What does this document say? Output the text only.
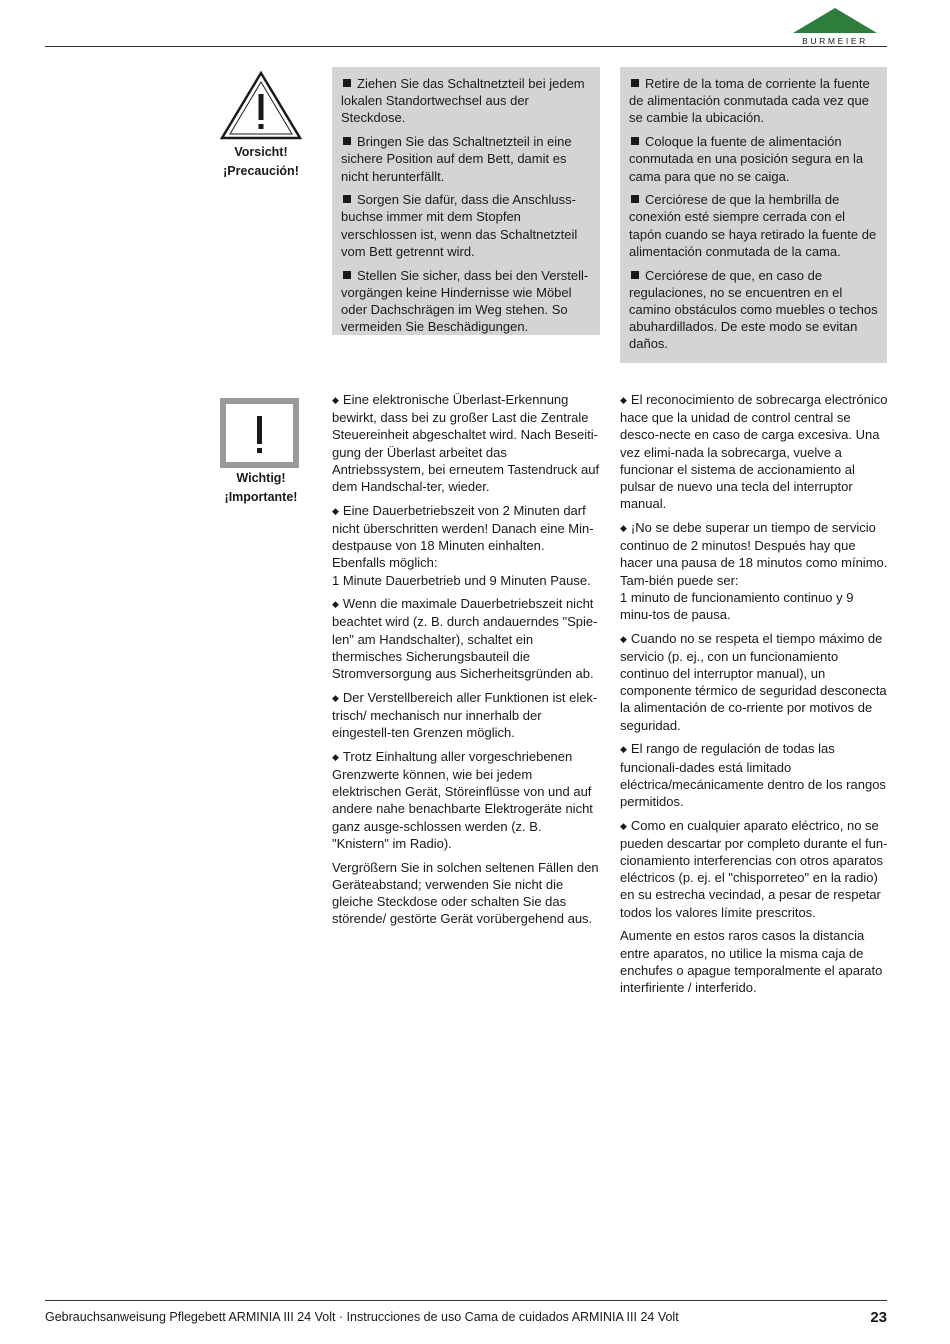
BURMEIER
Vorsicht!
¡Precaución!

Ziehen Sie das Schaltnetzteil bei jedem lokalen Standortwechsel aus der Steckdose.

Bringen Sie das Schaltnetzteil in eine sichere Position auf dem Bett, damit es nicht herunterfällt.

Sorgen Sie dafür, dass die Anschluss-buchse immer mit dem Stopfen verschlossen ist, wenn das Schaltnetzteil vom Bett getrennt wird.

Stellen Sie sicher, dass bei den Verstell-vorgängen keine Hindernisse wie Möbel oder Dachschrägen im Weg stehen. So vermeiden Sie Beschädigungen.

Retire de la toma de corriente la fuente de alimentación conmutada cada vez que se cambie la ubicación.

Coloque la fuente de alimentación conmutada en una posición segura en la cama para que no se caiga.

Cerciórese de que la hembrilla de conexión esté siempre cerrada con el tapón cuando se haya retirado la fuente de alimentación conmutada de la cama.

Cerciórese de que, en caso de regulaciones, no se encuentren en el camino obstáculos como muebles o techos abuhardillados. De este modo se evitan daños.

Wichtig!
¡Importante!

◆ Eine elektronische Überlast-Erkennung bewirkt, dass bei zu großer Last die Zentrale Steuereinheit abgeschaltet wird. Nach Beseiti-gung der Überlast arbeitet das Antriebssystem, bei erneutem Tastendruck auf dem Handschal-ter, wieder.

◆ Eine Dauerbetriebszeit von 2 Minuten darf nicht überschritten werden! Danach eine Min-destpause von 18 Minuten einhalten. Ebenfalls möglich:
1 Minute Dauerbetrieb und 9 Minuten Pause.

◆ Wenn die maximale Dauerbetriebszeit nicht beachtet wird (z. B. durch andauerndes "Spie-len" am Handschalter), schaltet ein thermisches Sicherungsbauteil die Stromversorgung aus Sicherheitsgründen ab.

◆ Der Verstellbereich aller Funktionen ist elek-trisch/ mechanisch nur innerhalb der eingestell-ten Grenzen möglich.

◆ Trotz Einhaltung aller vorgeschriebenen Grenzwerte können, wie bei jedem elektrischen Gerät, Störeinflüsse von und auf andere nahe benachbarte Elektrogeräte nicht ganz ausge-schlossen werden (z. B. "Knistern" im Radio).

Vergrößern Sie in solchen seltenen Fällen den Geräteabstand; verwenden Sie nicht die gleiche Steckdose oder schalten Sie das störende/ gestörte Gerät vorübergehend aus.

◆ El reconocimiento de sobrecarga electrónico hace que la unidad de control central se desco-necte en caso de carga excesiva. Una vez elimi-nada la sobrecarga, vuelve a funcionar el sistema de accionamiento al pulsar de nuevo una tecla del interruptor manual.

◆ ¡No se debe superar un tiempo de servicio continuo de 2 minutos! Después hay que hacer una pausa de 18 minutos como mínimo. Tam-bién puede ser:
1 minuto de funcionamiento continuo y 9 minu-tos de pausa.

◆ Cuando no se respeta el tiempo máximo de servicio (p. ej., con un funcionamiento continuo del interruptor manual), un componente térmico de seguridad desconecta la alimentación de co-rriente por motivos de seguridad.

◆ El rango de regulación de todas las funcionali-dades está limitado eléctrica/mecánicamente dentro de los rangos permitidos.

◆ Como en cualquier aparato eléctrico, no se pueden descartar por completo durante el fun-cionamiento interferencias con otros aparatos eléctricos (p. ej. el "chisporreteo" en la radio) en su estrecha vecindad, a pesar de respetar todos los valores límite prescritos.

Aumente en estos raros casos la distancia entre aparatos, no utilice la misma caja de enchufes o apague temporalmente el aparato interfiriente / interferido.

Gebrauchsanweisung Pflegebett ARMINIA III 24 Volt · Instrucciones de uso Cama de cuidados ARMINIA III 24 Volt	23
